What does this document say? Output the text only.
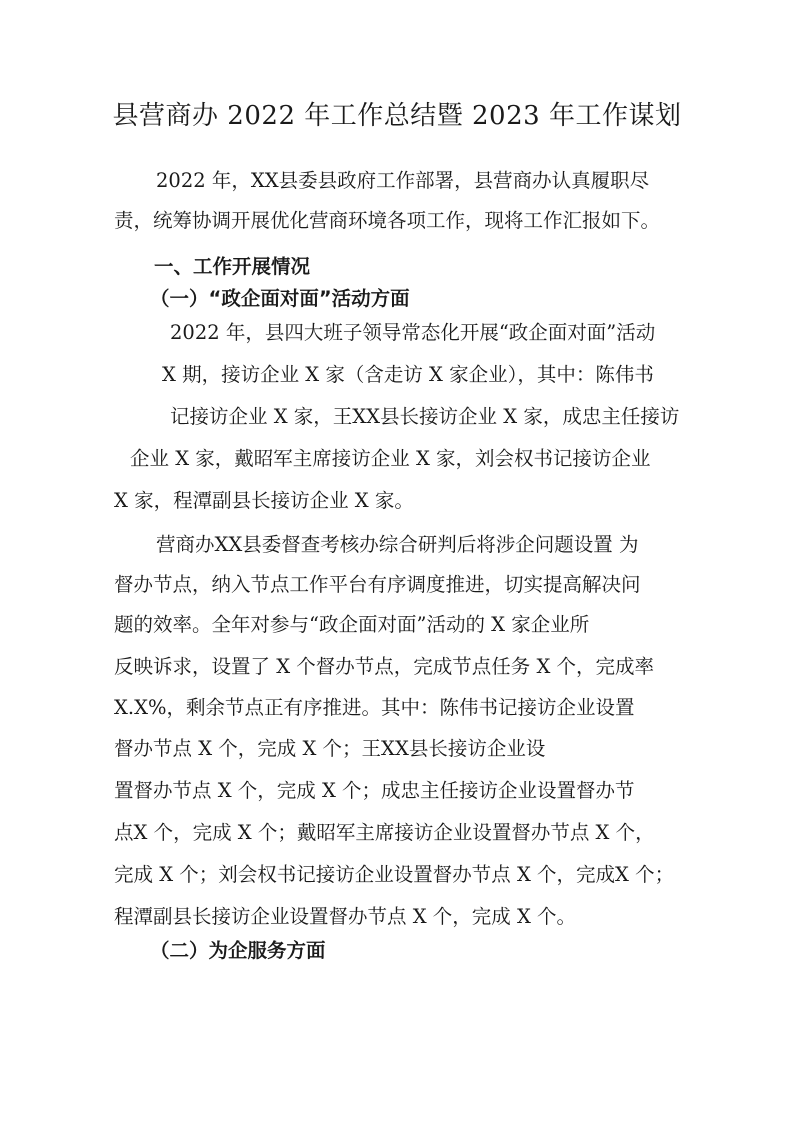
县营商办 2022 年工作总结暨 2023 年工作谋划
2022 年，XX县委县政府工作部署，县营商办认真履职尽
责，统筹协调开展优化营商环境各项工作，现将工作汇报如下。
一、工作开展情况
（一）“政企面对面”活动方面
2022 年，县四大班子领导常态化开展“政企面对面”活动
X 期，接访企业 X 家（含走访 X 家企业），其中：陈伟书
记接访企业 X 家，王XX县长接访企业 X 家，成忠主任接访
企业 X 家，戴昭军主席接访企业 X 家，刘会权书记接访企业
X 家，程潭副县长接访企业 X 家。
营商办XX县委督查考核办综合研判后将涉企问题设置 为
督办节点，纳入节点工作平台有序调度推进，切实提高解决问
题的效率。全年对参与“政企面对面”活动的 X 家企业所
反映诉求，设置了 X 个督办节点，完成节点任务 X 个，完成率
X.X%，剩余节点正有序推进。其中：陈伟书记接访企业设置
督办节点 X 个，完成 X 个；王XX县长接访企业设
置督办节点 X 个，完成 X 个；成忠主任接访企业设置督办节
点X 个，完成 X 个；戴昭军主席接访企业设置督办节点 X 个，
完成 X 个；刘会权书记接访企业设置督办节点 X 个，完成X 个；
程潭副县长接访企业设置督办节点 X 个，完成 X 个。
（二）为企服务方面
